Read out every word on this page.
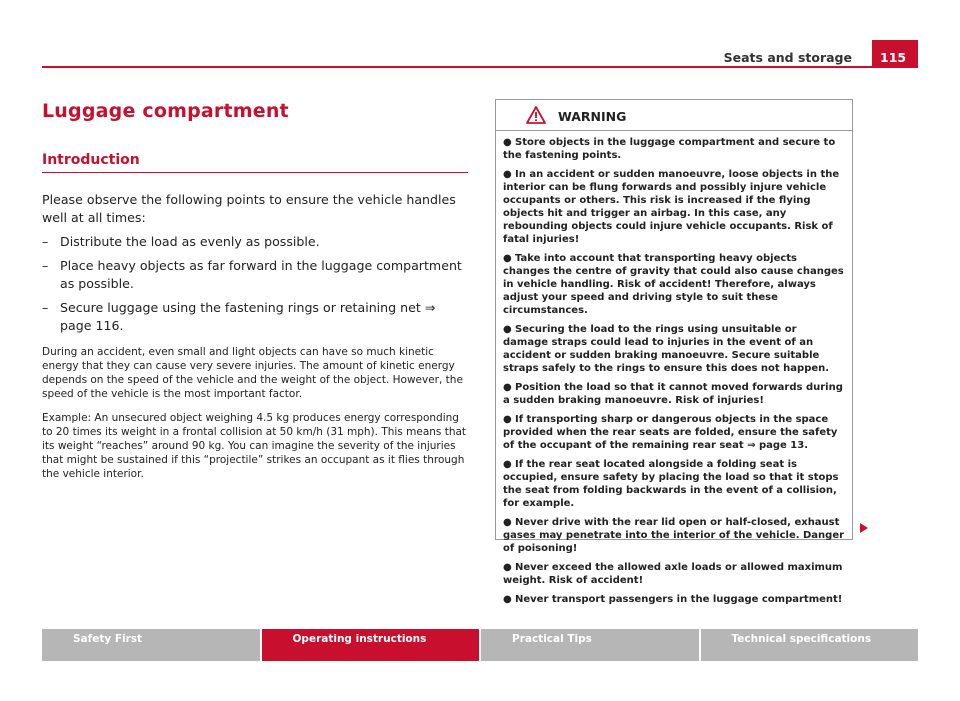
Seats and storage 115
Luggage compartment
Introduction

Please observe the following points to ensure the vehicle handles well at all times:

– Distribute the load as evenly as possible.
– Place heavy objects as far forward in the luggage compartment as possible.
– Secure luggage using the fastening rings or retaining net ⇒ page 116.

During an accident, even small and light objects can have so much kinetic energy that they can cause very severe injuries. The amount of kinetic energy depends on the speed of the vehicle and the weight of the object. However, the speed of the vehicle is the most important factor.

Example: An unsecured object weighing 4.5 kg produces energy corresponding to 20 times its weight in a frontal collision at 50 km/h (31 mph). This means that its weight “reaches” around 90 kg. You can imagine the severity of the injuries that might be sustained if this “projectile” strikes an occupant as it flies through the vehicle interior.

WARNING
● Store objects in the luggage compartment and secure to the fastening points.
● In an accident or sudden manoeuvre, loose objects in the interior can be flung forwards and possibly injure vehicle occupants or others. This risk is increased if the flying objects hit and trigger an airbag. In this case, any rebounding objects could injure vehicle occupants. Risk of fatal injuries!
● Take into account that transporting heavy objects changes the centre of gravity that could also cause changes in vehicle handling. Risk of accident! Therefore, always adjust your speed and driving style to suit these circumstances.
● Securing the load to the rings using unsuitable or damage straps could lead to injuries in the event of an accident or sudden braking manoeuvre. Secure suitable straps safely to the rings to ensure this does not happen.
● Position the load so that it cannot moved forwards during a sudden braking manoeuvre. Risk of injuries!
● If transporting sharp or dangerous objects in the space provided when the rear seats are folded, ensure the safety of the occupant of the remaining rear seat ⇒ page 13.
● If the rear seat located alongside a folding seat is occupied, ensure safety by placing the load so that it stops the seat from folding backwards in the event of a collision, for example.
● Never drive with the rear lid open or half-closed, exhaust gases may penetrate into the interior of the vehicle. Danger of poisoning!
● Never exceed the allowed axle loads or allowed maximum weight. Risk of accident!
● Never transport passengers in the luggage compartment!
Safety First	Operating instructions	Practical Tips	Technical specifications
